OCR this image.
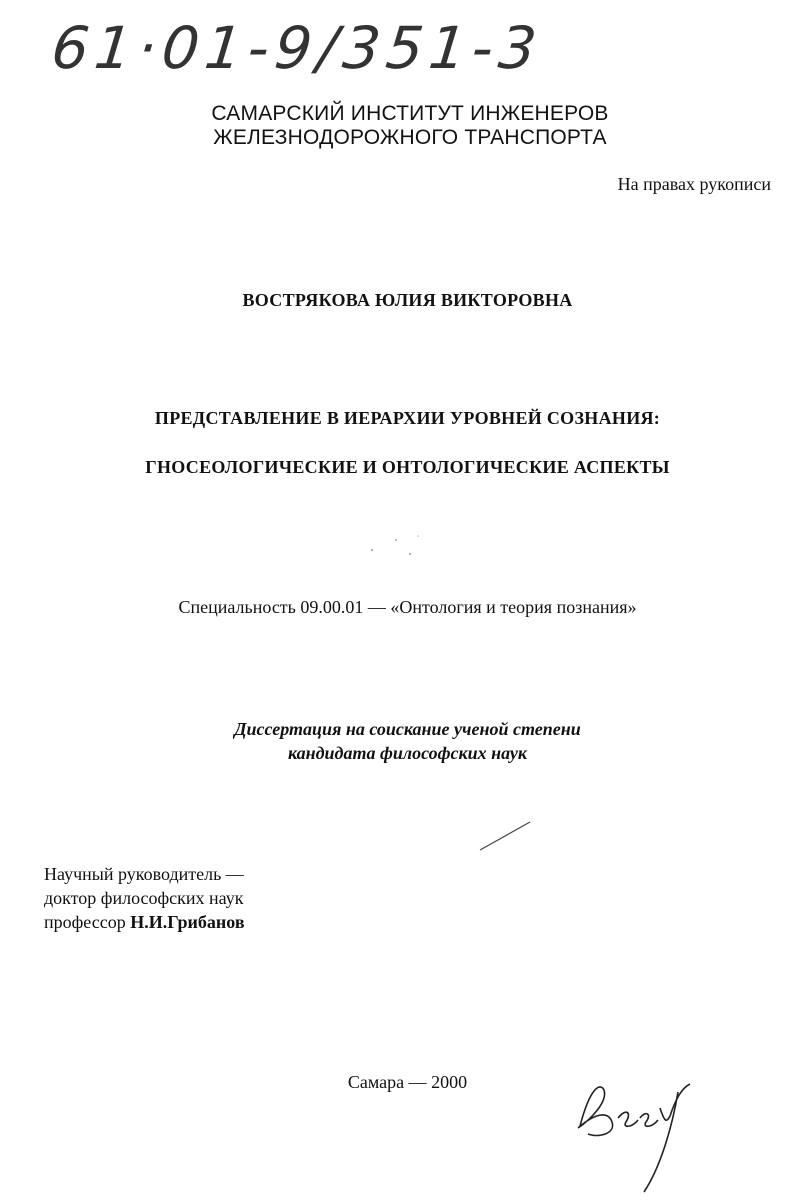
61·01-9/351-3
САМАРСКИЙ ИНСТИТУТ ИНЖЕНЕРОВ
ЖЕЛЕЗНОДОРОЖНОГО ТРАНСПОРТА
На правах рукописи
ВОСТРЯКОВА ЮЛИЯ ВИКТОРОВНА
ПРЕДСТАВЛЕНИЕ В ИЕРАРХИИ УРОВНЕЙ СОЗНАНИЯ:
ГНОСЕОЛОГИЧЕСКИЕ И ОНТОЛОГИЧЕСКИЕ АСПЕКТЫ
Специальность 09.00.01 — «Онтология и теория познания»
Диссертация на соискание ученой степени
кандидата философских наук
Научный руководитель —
доктор философских наук
профессор Н.И.Грибанов
Самара — 2000
